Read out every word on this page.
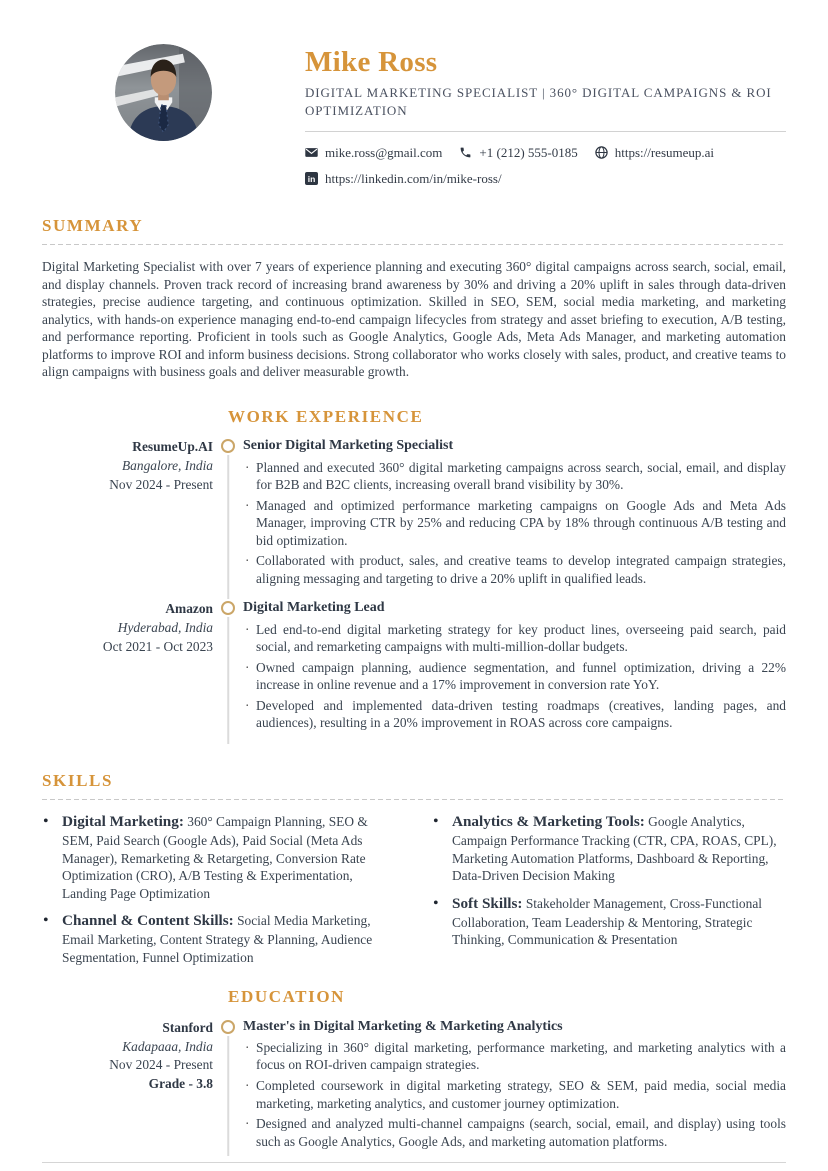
Mike Ross
DIGITAL MARKETING SPECIALIST | 360° DIGITAL CAMPAIGNS & ROI OPTIMIZATION
mike.ross@gmail.com	+1 (212) 555-0185	https://resumeup.ai
in https://linkedin.com/in/mike-ross/
SUMMARY

Digital Marketing Specialist with over 7 years of experience planning and executing 360° digital campaigns across search, social, email, and display channels. Proven track record of increasing brand awareness by 30% and driving a 20% uplift in sales through data-driven strategies, precise audience targeting, and continuous optimization. Skilled in SEO, SEM, social media marketing, and marketing analytics, with hands-on experience managing end-to-end campaign lifecycles from strategy and asset briefing to execution, A/B testing, and performance reporting. Proficient in tools such as Google Analytics, Google Ads, Meta Ads Manager, and marketing automation platforms to improve ROI and inform business decisions. Strong collaborator who works closely with sales, product, and creative teams to align campaigns with business goals and deliver measurable growth.

WORK EXPERIENCE
ResumeUp.AI
Bangalore, India
Nov 2024 - Present
Senior Digital Marketing Specialist
· Planned and executed 360° digital marketing campaigns across search, social, email, and display for B2B and B2C clients, increasing overall brand visibility by 30%.
· Managed and optimized performance marketing campaigns on Google Ads and Meta Ads Manager, improving CTR by 25% and reducing CPA by 18% through continuous A/B testing and bid optimization.
· Collaborated with product, sales, and creative teams to develop integrated campaign strategies, aligning messaging and targeting to drive a 20% uplift in qualified leads.
Amazon
Hyderabad, India
Oct 2021 - Oct 2023
Digital Marketing Lead
· Led end-to-end digital marketing strategy for key product lines, overseeing paid search, paid social, and remarketing campaigns with multi-million-dollar budgets.
· Owned campaign planning, audience segmentation, and funnel optimization, driving a 22% increase in online revenue and a 17% improvement in conversion rate YoY.
· Developed and implemented data-driven testing roadmaps (creatives, landing pages, and audiences), resulting in a 20% improvement in ROAS across core campaigns.
SKILLS
• Digital Marketing: 360° Campaign Planning, SEO & SEM, Paid Search (Google Ads), Paid Social (Meta Ads Manager), Remarketing & Retargeting, Conversion Rate Optimization (CRO), A/B Testing & Experimentation, Landing Page Optimization
• Channel & Content Skills: Social Media Marketing, Email Marketing, Content Strategy & Planning, Audience Segmentation, Funnel Optimization
• Analytics & Marketing Tools: Google Analytics, Campaign Performance Tracking (CTR, CPA, ROAS, CPL), Marketing Automation Platforms, Dashboard & Reporting, Data-Driven Decision Making
• Soft Skills: Stakeholder Management, Cross-Functional Collaboration, Team Leadership & Mentoring, Strategic Thinking, Communication & Presentation
EDUCATION
Stanford
Kadapaaa, India
Nov 2024 - Present
Grade - 3.8
Master's in Digital Marketing & Marketing Analytics
· Specializing in 360° digital marketing, performance marketing, and marketing analytics with a focus on ROI-driven campaign strategies.
· Completed coursework in digital marketing strategy, SEO & SEM, paid media, social media marketing, marketing analytics, and customer journey optimization.
· Designed and analyzed multi-channel campaigns (search, social, email, and display) using tools such as Google Analytics, Google Ads, and marketing automation platforms.
